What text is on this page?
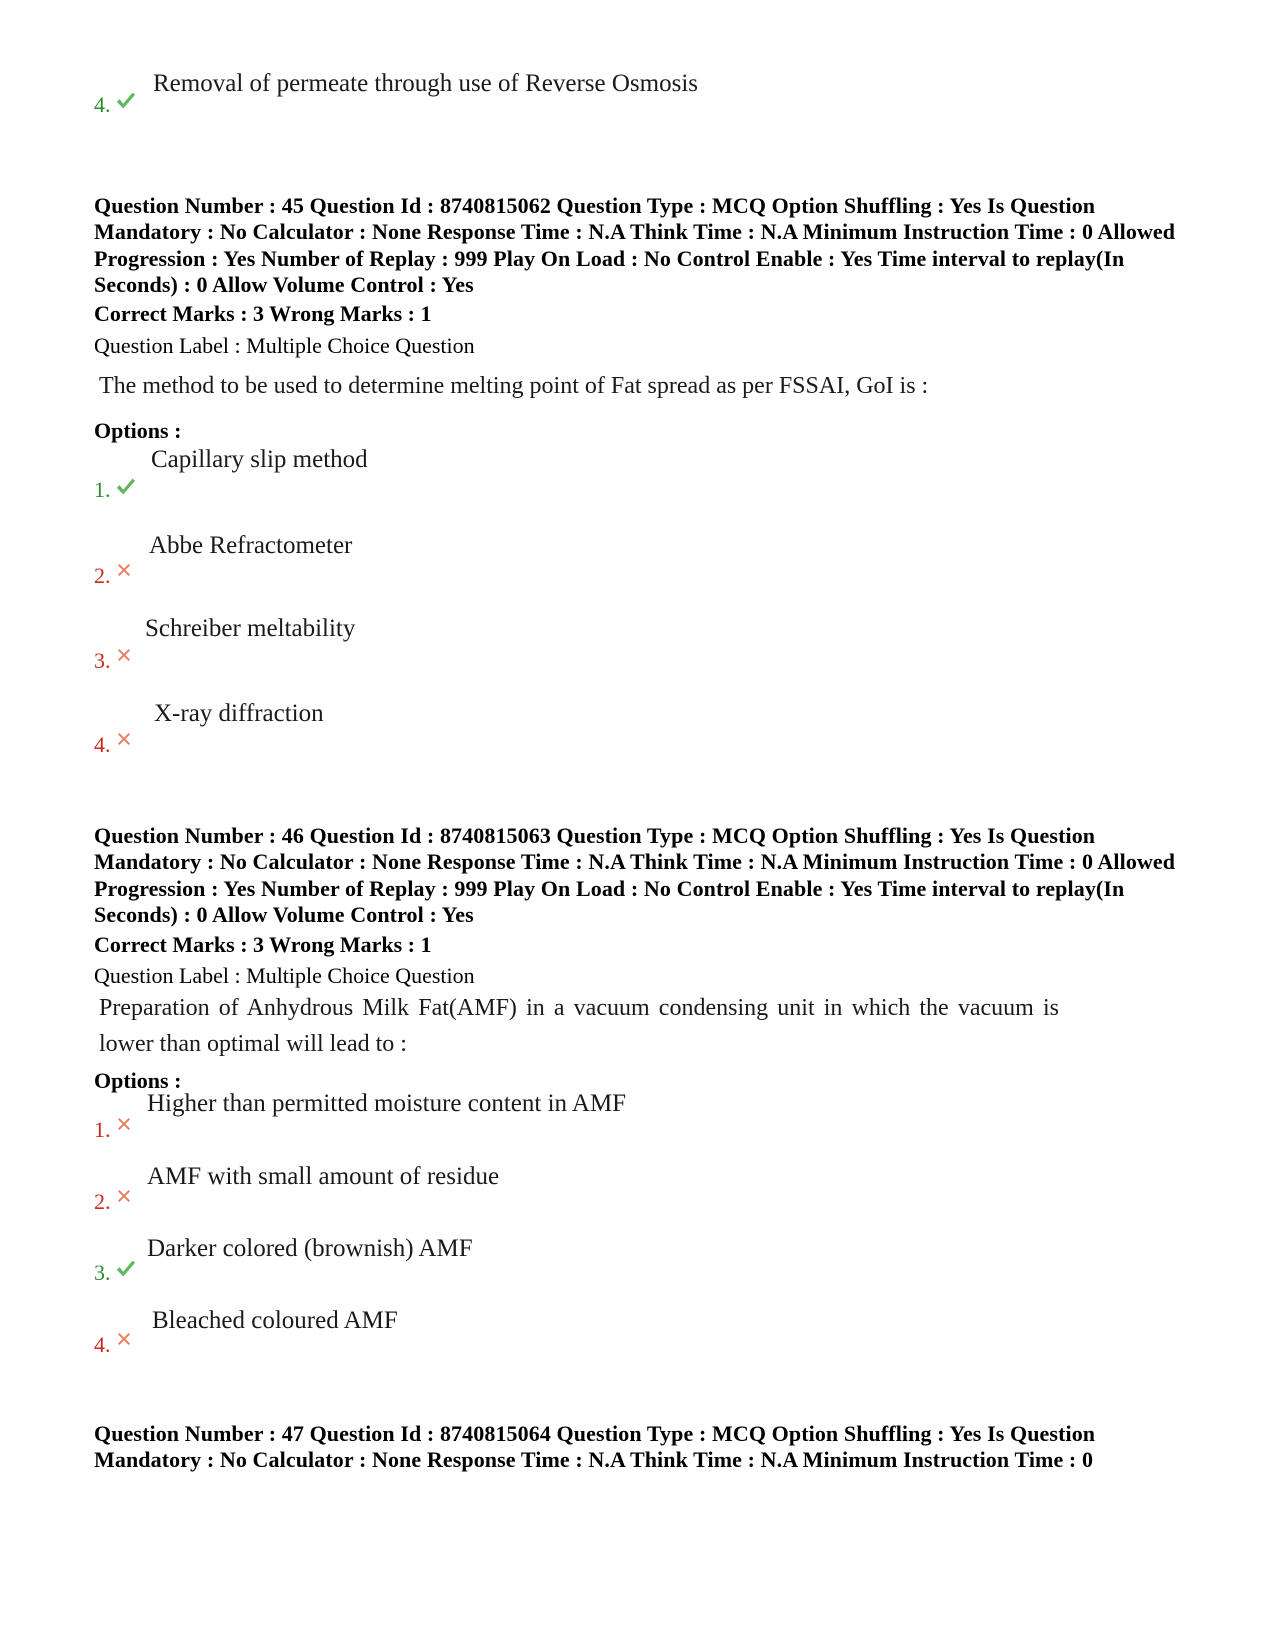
4.
Removal of permeate through use of Reverse Osmosis
Question Number : 45 Question Id : 8740815062 Question Type : MCQ Option Shuffling : Yes Is Question Mandatory : No Calculator : None Response Time : N.A Think Time : N.A Minimum Instruction Time : 0 Allowed Progression : Yes Number of Replay : 999 Play On Load : No Control Enable : Yes Time interval to replay(In Seconds) : 0 Allow Volume Control : Yes
Correct Marks : 3 Wrong Marks : 1
Question Label : Multiple Choice Question
The method to be used to determine melting point of Fat spread as per FSSAI, GoI is :
Options :
1.
Capillary slip method
2.
Abbe Refractometer
3.
Schreiber meltability
4.
X-ray diffraction
Question Number : 46 Question Id : 8740815063 Question Type : MCQ Option Shuffling : Yes Is Question Mandatory : No Calculator : None Response Time : N.A Think Time : N.A Minimum Instruction Time : 0 Allowed Progression : Yes Number of Replay : 999 Play On Load : No Control Enable : Yes Time interval to replay(In Seconds) : 0 Allow Volume Control : Yes
Correct Marks : 3 Wrong Marks : 1
Question Label : Multiple Choice Question
Preparation of Anhydrous Milk Fat(AMF) in a vacuum condensing unit in which the vacuum is lower than optimal will lead to :
Options :
1.
Higher than permitted moisture content in AMF
2.
AMF with small amount of residue
3.
Darker colored (brownish) AMF
4.
Bleached coloured AMF
Question Number : 47 Question Id : 8740815064 Question Type : MCQ Option Shuffling : Yes Is Question Mandatory : No Calculator : None Response Time : N.A Think Time : N.A Minimum Instruction Time : 0
